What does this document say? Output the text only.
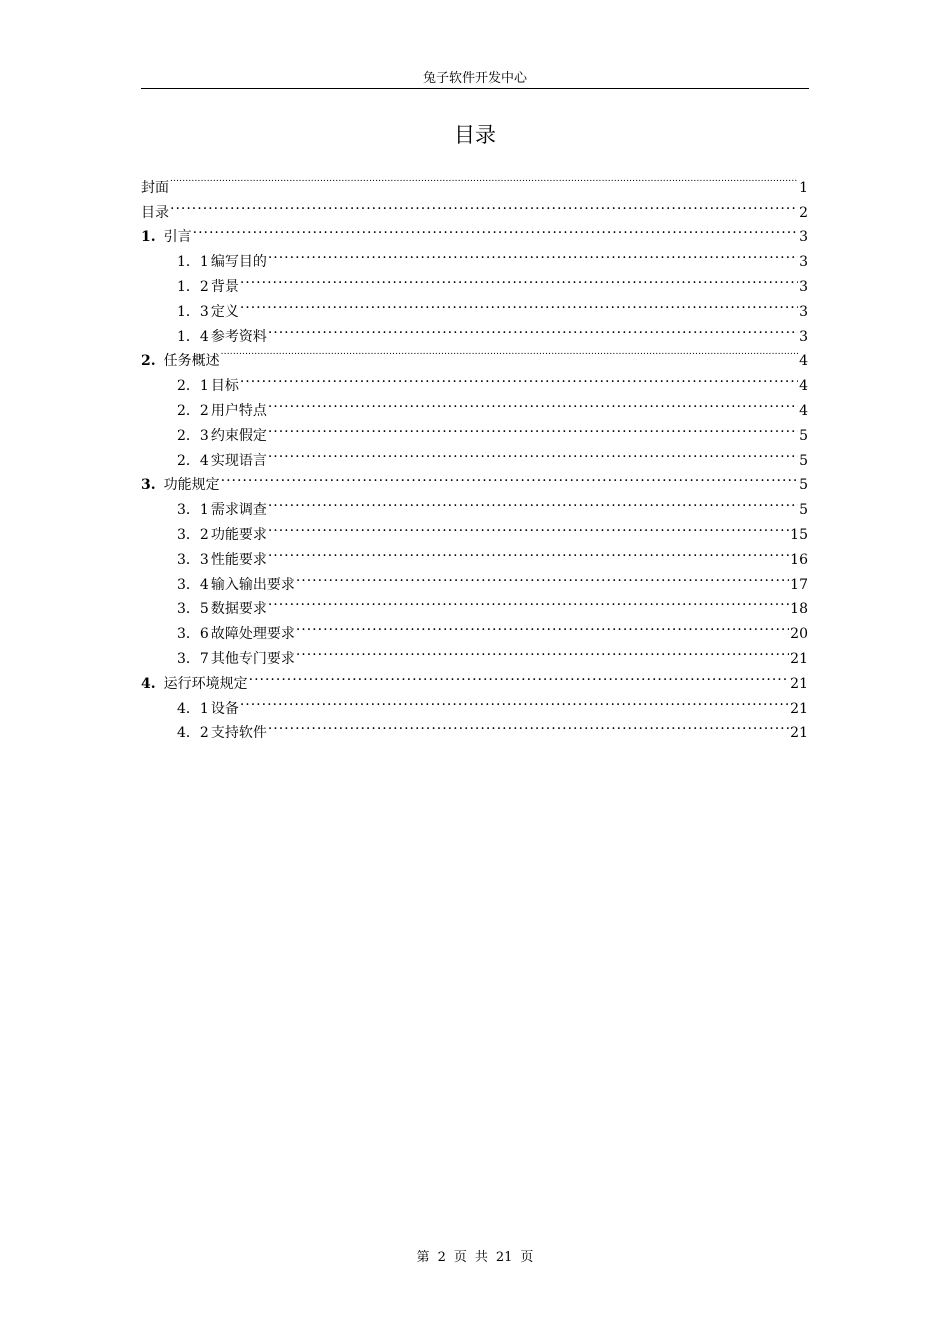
兔子软件开发中心
目录
封面 .....	1
目录 .....	2
1. 引言 .....	3
1．1 编写目的 .....	3
1．2 背景 .....	3
1．3 定义 .....	3
1．4 参考资料 .....	3
2. 任务概述 .....	4
2．1 目标 .....	4
2．2 用户特点 .....	4
2．3 约束假定 .....	5
2．4 实现语言 .....	5
3. 功能规定 .....	5
3．1 需求调查 .....	5
3．2 功能要求 .....	15
3．3 性能要求 .....	16
3．4 输入输出要求 .....	17
3．5 数据要求 .....	18
3．6 故障处理要求 .....	20
3．7 其他专门要求 .....	21
4. 运行环境规定 .....	21
4．1 设备 .....	21
4．2 支持软件 .....	21
第 2 页 共 21 页
